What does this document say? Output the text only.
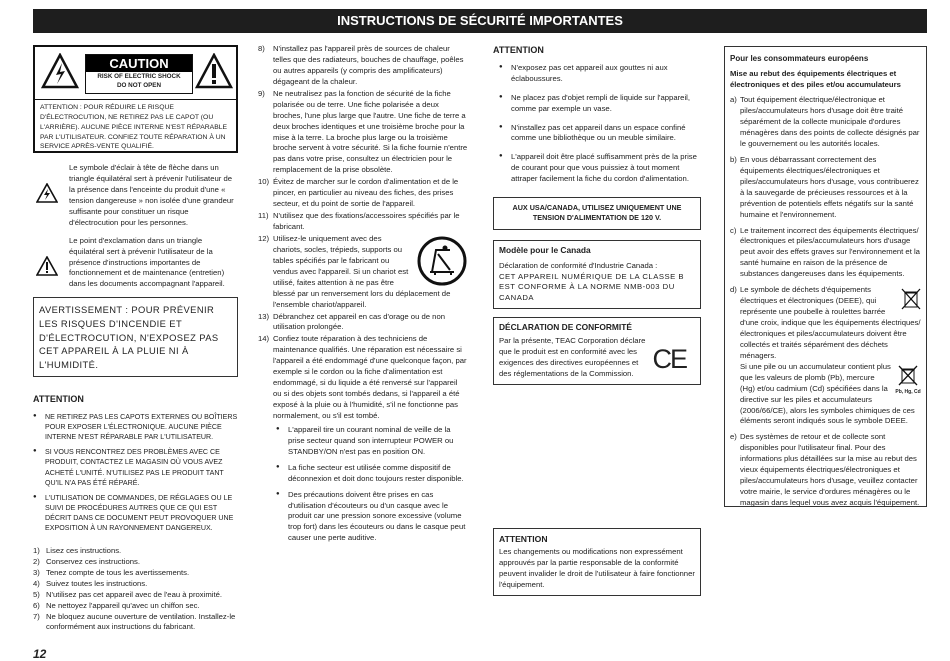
INSTRUCTIONS DE SÉCURITÉ IMPORTANTES
CAUTION
RISK OF ELECTRIC SHOCK
DO NOT OPEN
ATTENTION : POUR RÉDUIRE LE RISQUE D'ÉLECTROCUTION, NE RETIREZ PAS LE CAPOT (OU L'ARRIÈRE). AUCUNE PIÈCE INTERNE N'EST RÉPARABLE PAR L'UTILISATEUR. CONFIEZ TOUTE RÉPARATION À UN SERVICE APRÈS-VENTE QUALIFIÉ.
Le symbole d'éclair à tête de flèche dans un triangle équilatéral sert à prévenir l'utilisateur de la présence dans l'enceinte du produit d'une « tension dangereuse » non isolée d'une grandeur suffisante pour constituer un risque d'électrocution pour les personnes.
Le point d'exclamation dans un triangle équilatéral sert à prévenir l'utilisateur de la présence d'instructions importantes de fonctionnement et de maintenance (entretien) dans les documents accompagnant l'appareil.
AVERTISSEMENT : POUR PRÉVENIR LES RISQUES D'INCENDIE ET D'ÉLECTROCUTION, N'EXPOSEZ PAS CET APPAREIL À LA PLUIE NI À L'HUMIDITÉ.
ATTENTION
● NE RETIREZ PAS LES CAPOTS EXTERNES OU BOÎTIERS POUR EXPOSER L'ÉLECTRONIQUE. AUCUNE PIÈCE INTERNE N'EST RÉPARABLE PAR L'UTILISATEUR.
● SI VOUS RENCONTREZ DES PROBLÈMES AVEC CE PRODUIT, CONTACTEZ LE MAGASIN OÙ VOUS AVEZ ACHETÉ L'UNITÉ. N'UTILISEZ PAS LE PRODUIT TANT QU'IL N'A PAS ÉTÉ RÉPARÉ.
● L'UTILISATION DE COMMANDES, DE RÉGLAGES OU LE SUIVI DE PROCÉDURES AUTRES QUE CE QUI EST DÉCRIT DANS CE DOCUMENT PEUT PROVOQUER UNE EXPOSITION À UN RAYONNEMENT DANGEREUX.
1) Lisez ces instructions.
2) Conservez ces instructions.
3) Tenez compte de tous les avertissements.
4) Suivez toutes les instructions.
5) N'utilisez pas cet appareil avec de l'eau à proximité.
6) Ne nettoyez l'appareil qu'avec un chiffon sec.
7) Ne bloquez aucune ouverture de ventilation. Installez-le conformément aux instructions du fabricant.
8) N'installez pas l'appareil près de sources de chaleur telles que des radiateurs, bouches de chauffage, poêles ou autres appareils (y compris des amplificateurs) dégageant de la chaleur.
9) Ne neutralisez pas la fonction de sécurité de la fiche polarisée ou de terre. Une fiche polarisée a deux broches, l'une plus large que l'autre. Une fiche de terre a deux broches identiques et une troisième broche pour la mise à la terre. La broche plus large ou la troisième broche servent à votre sécurité. Si la fiche fournie n'entre pas dans votre prise, consultez un électricien pour le remplacement de la prise obsolète.
10) Évitez de marcher sur le cordon d'alimentation et de le pincer, en particulier au niveau des fiches, des prises secteur, et du point de sortie de l'appareil.
11) N'utilisez que des fixations/accessoires spécifiés par le fabricant.
12) Utilisez-le uniquement avec des chariots, socles, trépieds, supports ou tables spécifiés par le fabricant ou vendus avec l'appareil. Si un chariot est utilisé, faites attention à ne pas être blessé par un renversement lors du déplacement de l'ensemble chariot/appareil.
13) Débranchez cet appareil en cas d'orage ou de non utilisation prolongée.
14) Confiez toute réparation à des techniciens de maintenance qualifiés. Une réparation est nécessaire si l'appareil a été endommagé d'une quelconque façon, par exemple si le cordon ou la fiche d'alimentation est endommagé, si du liquide a été renversé sur l'appareil ou si des objets sont tombés dedans, si l'appareil a été exposé à la pluie ou à l'humidité, s'il ne fonctionne pas normalement, ou s'il est tombé.
● L'appareil tire un courant nominal de veille de la prise secteur quand son interrupteur POWER ou STANDBY/ON n'est pas en position ON.
● La fiche secteur est utilisée comme dispositif de déconnexion et doit donc toujours rester disponible.
● Des précautions doivent être prises en cas d'utilisation d'écouteurs ou d'un casque avec le produit car une pression sonore excessive (volume trop fort) dans les écouteurs ou dans le casque peut causer une perte auditive.
ATTENTION
● N'exposez pas cet appareil aux gouttes ni aux éclaboussures.
● Ne placez pas d'objet rempli de liquide sur l'appareil, comme par exemple un vase.
● N'installez pas cet appareil dans un espace confiné comme une bibliothèque ou un meuble similaire.
● L'appareil doit être placé suffisamment près de la prise de courant pour que vous puissiez à tout moment attraper facilement la fiche du cordon d'alimentation.
AUX USA/CANADA, UTILISEZ UNIQUEMENT UNE TENSION D'ALIMENTATION DE 120 V.
Modèle pour le Canada
Déclaration de conformité d'Industrie Canada :
CET APPAREIL NUMÉRIQUE DE LA CLASSE B EST CONFORME À LA NORME NMB-003 DU CANADA
DÉCLARATION DE CONFORMITÉ
Par la présente, TEAC Corporation déclare que le produit est en conformité avec les exigences des directives européennes et des réglementations de la Commission. CE
ATTENTION
Les changements ou modifications non expressément approuvés par la partie responsable de la conformité peuvent invalider le droit de l'utilisateur à faire fonctionner l'équipement.
Pour les consommateurs européens
Mise au rebut des équipements électriques et électroniques et des piles et/ou accumulateurs
a) Tout équipement électrique/électronique et piles/accumulateurs hors d'usage doit être traité séparément de la collecte municipale d'ordures ménagères dans des points de collecte désignés par le gouvernement ou les autorités locales.
b) En vous débarrassant correctement des équipements électriques/électroniques et piles/accumulateurs hors d'usage, vous contribuerez à la sauvegarde de précieuses ressources et à la prévention de potentiels effets négatifs sur la santé humaine et l'environnement.
c) Le traitement incorrect des équipements électriques/électroniques et piles/accumulateurs hors d'usage peut avoir des effets graves sur l'environnement et la santé humaine en raison de la présence de substances dangereuses dans les équipements.
d) Le symbole de déchets d'équipements électriques et électroniques (DEEE), qui représente une poubelle à roulettes barrée d'une croix, indique que les équipements électriques/électroniques et piles/accumulateurs doivent être collectés et traités séparément des déchets ménagers.
Pb, Hg, Cd
Si une pile ou un accumulateur contient plus que les valeurs de plomb (Pb), mercure (Hg) et/ou cadmium (Cd) spécifiées dans la directive sur les piles et accumulateurs (2006/66/CE), alors les symboles chimiques de ces éléments seront indiqués sous le symbole DEEE.
e) Des systèmes de retour et de collecte sont disponibles pour l'utilisateur final. Pour des informations plus détaillées sur la mise au rebut des vieux équipements électriques/électroniques et piles/accumulateurs hors d'usage, veuillez contacter votre mairie, le service d'ordures ménagères ou le magasin dans lequel vous avez acquis l'équipement.
12
